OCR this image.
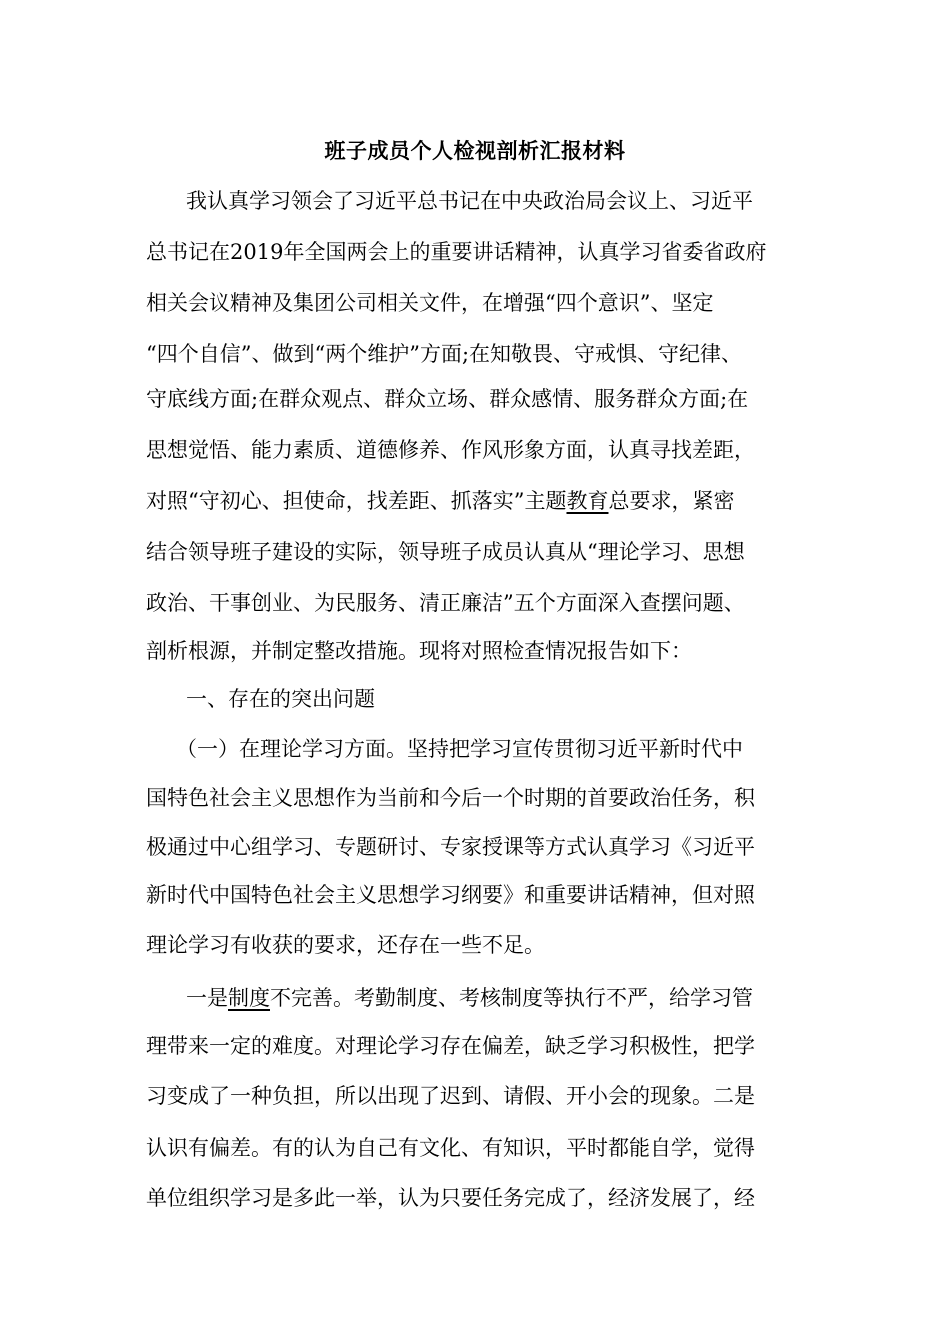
班子成员个人检视剖析汇报材料
我认真学习领会了习近平总书记在中央政治局会议上、习近平
总书记在2019年全国两会上的重要讲话精神，认真学习省委省政府
相关会议精神及集团公司相关文件，在增强“四个意识”、坚定
“四个自信”、做到“两个维护”方面;在知敬畏、守戒惧、守纪律、
守底线方面;在群众观点、群众立场、群众感情、服务群众方面;在
思想觉悟、能力素质、道德修养、作风形象方面，认真寻找差距，
对照“守初心、担使命，找差距、抓落实”主题教育总要求，紧密
结合领导班子建设的实际，领导班子成员认真从“理论学习、思想
政治、干事创业、为民服务、清正廉洁”五个方面深入查摆问题、
剖析根源，并制定整改措施。现将对照检查情况报告如下：
一、存在的突出问题
（一）在理论学习方面。坚持把学习宣传贯彻习近平新时代中
国特色社会主义思想作为当前和今后一个时期的首要政治任务，积
极通过中心组学习、专题研讨、专家授课等方式认真学习《习近平
新时代中国特色社会主义思想学习纲要》和重要讲话精神，但对照
理论学习有收获的要求，还存在一些不足。
一是制度不完善。考勤制度、考核制度等执行不严，给学习管
理带来一定的难度。对理论学习存在偏差，缺乏学习积极性，把学
习变成了一种负担，所以出现了迟到、请假、开小会的现象。二是
认识有偏差。有的认为自己有文化、有知识，平时都能自学，觉得
单位组织学习是多此一举，认为只要任务完成了，经济发展了，经
